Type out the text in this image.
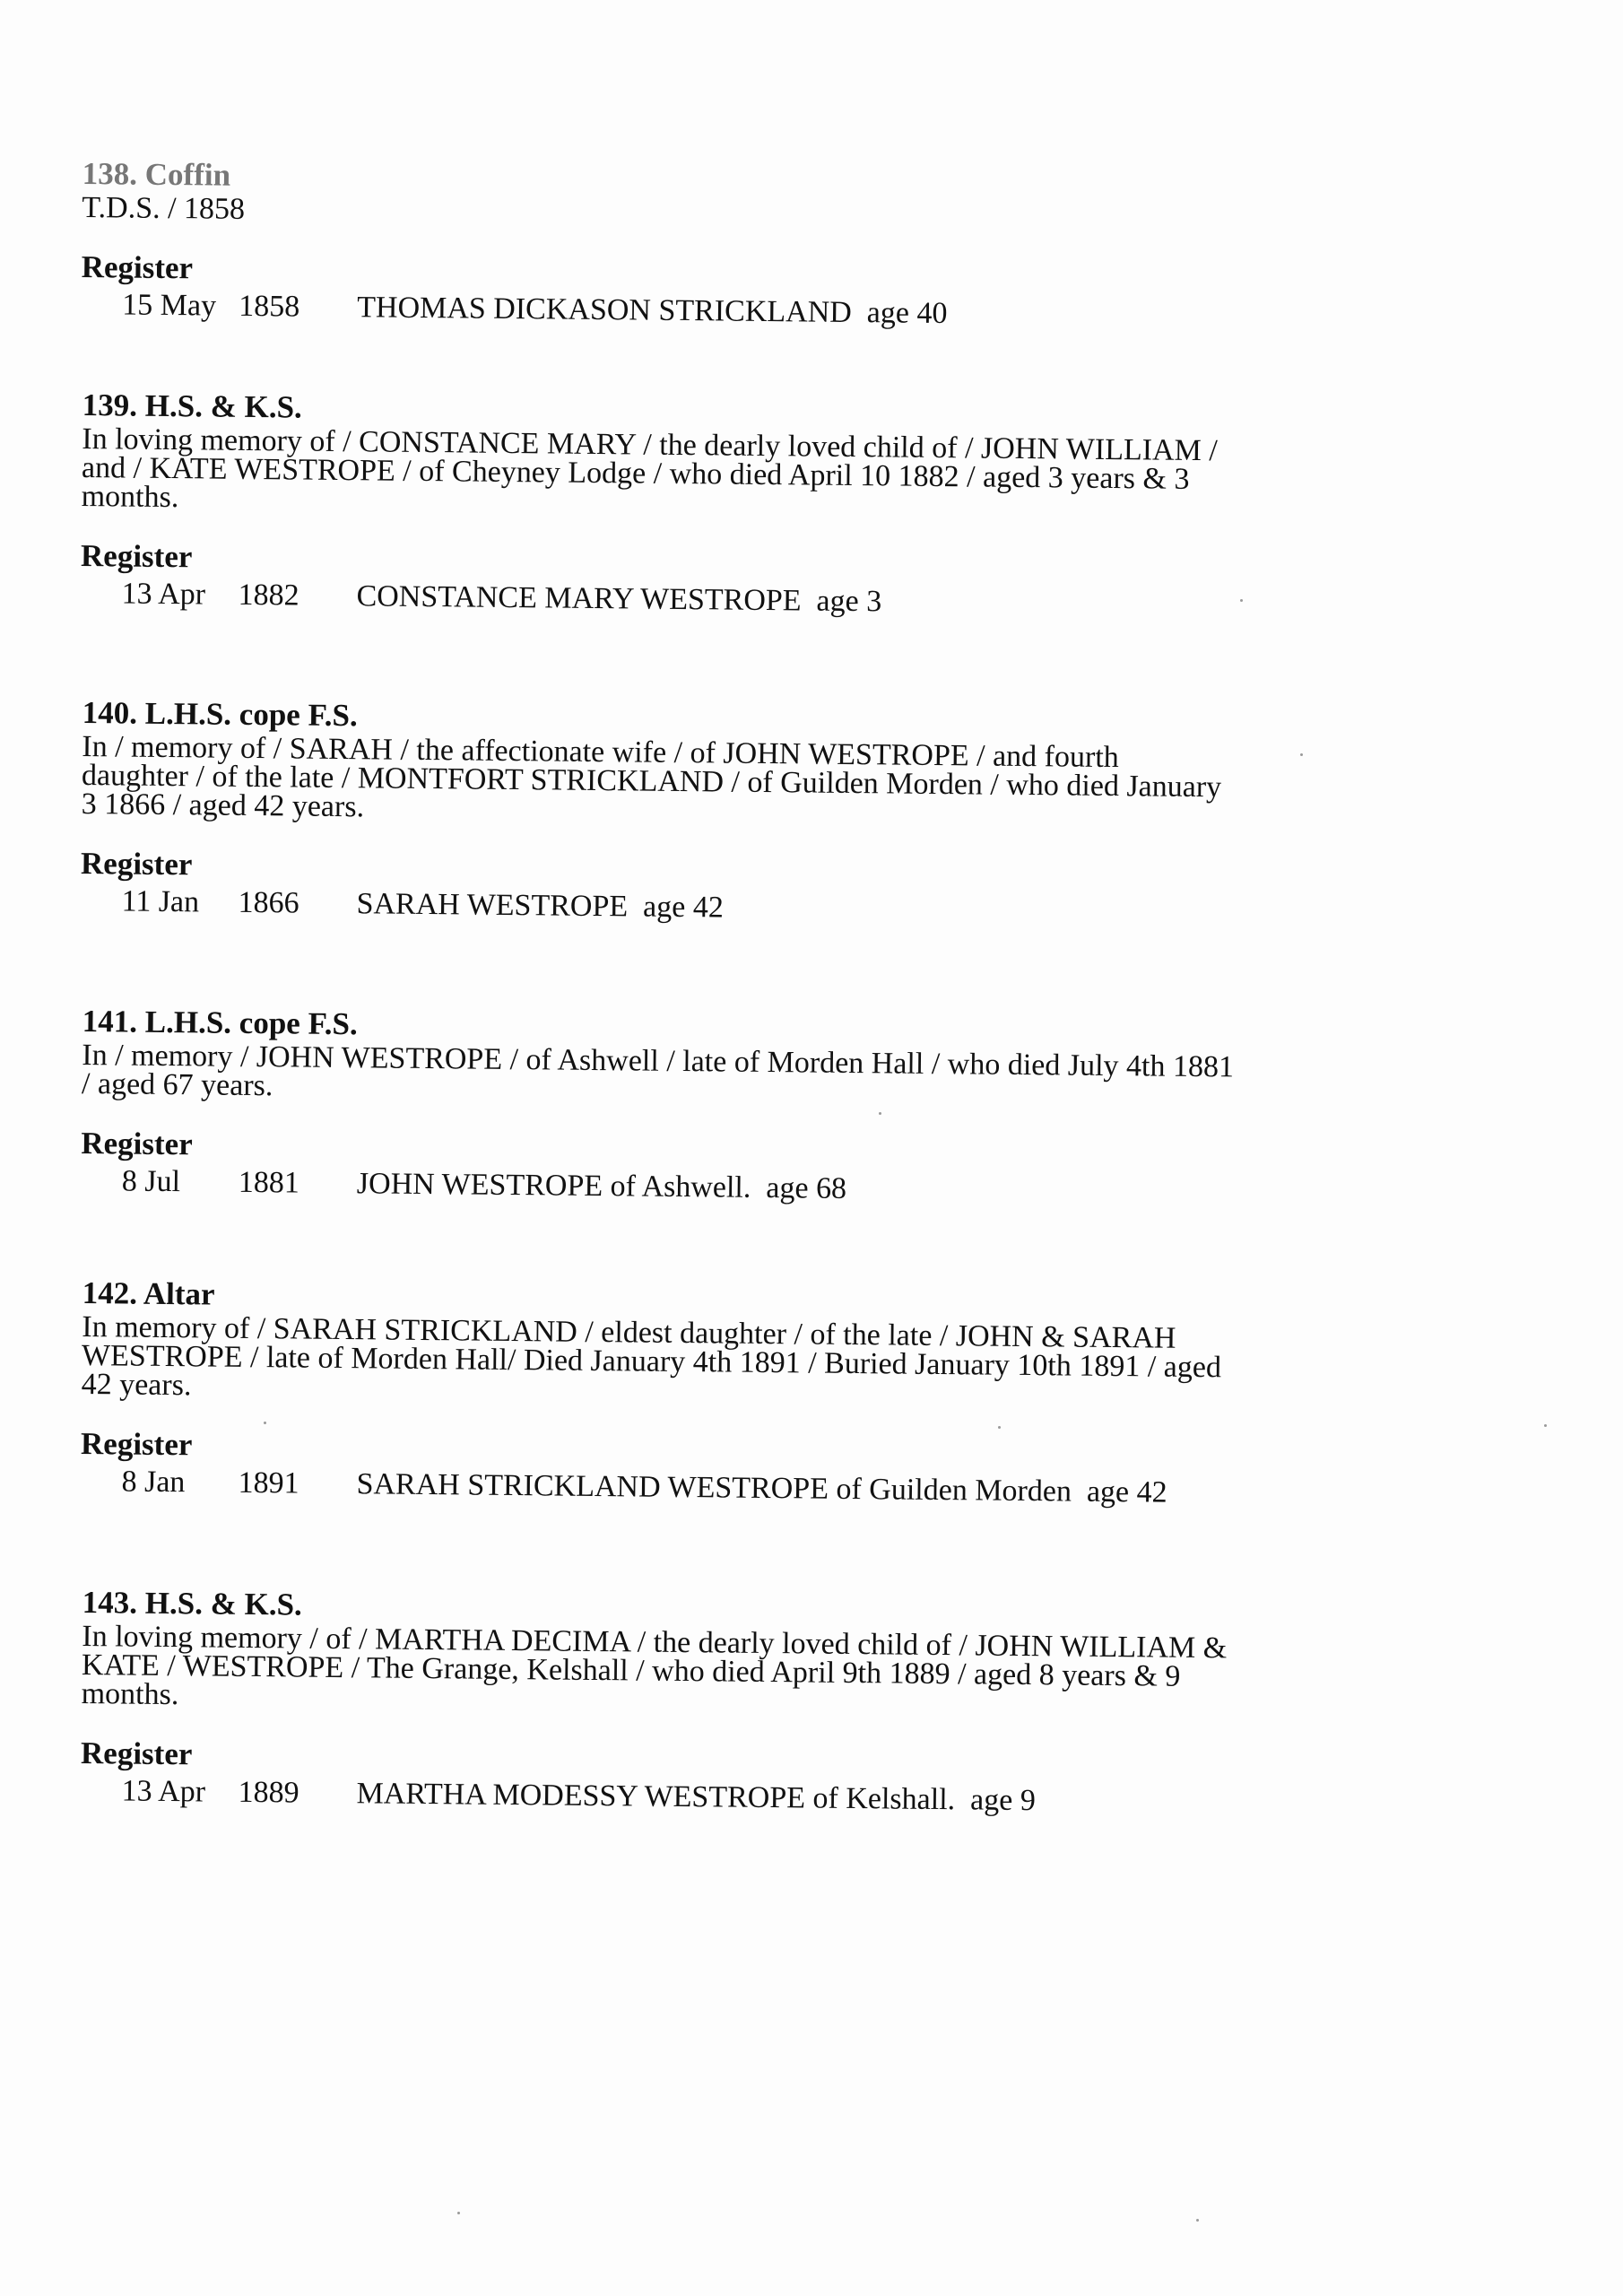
138. Coffin
T.D.S. / 1858
Register
15 May 1858 THOMAS DICKASON STRICKLAND age 40
139. H.S. & K.S.
In loving memory of / CONSTANCE MARY / the dearly loved child of / JOHN WILLIAM /
and / KATE WESTROPE / of Cheyney Lodge / who died April 10 1882 / aged 3 years & 3
months.
Register
13 Apr 1882 CONSTANCE MARY WESTROPE age 3
140. L.H.S. cope F.S.
In / memory of / SARAH / the affectionate wife / of JOHN WESTROPE / and fourth
daughter / of the late / MONTFORT STRICKLAND / of Guilden Morden / who died January
3 1866 / aged 42 years.
Register
11 Jan 1866 SARAH WESTROPE age 42
141. L.H.S. cope F.S.
In / memory / JOHN WESTROPE / of Ashwell / late of Morden Hall / who died July 4th 1881
/ aged 67 years.
Register
8 Jul 1881 JOHN WESTROPE of Ashwell. age 68
142. Altar
In memory of / SARAH STRICKLAND / eldest daughter / of the late / JOHN & SARAH
WESTROPE / late of Morden Hall/ Died January 4th 1891 / Buried January 10th 1891 / aged
42 years.
Register
8 Jan 1891 SARAH STRICKLAND WESTROPE of Guilden Morden age 42
143. H.S. & K.S.
In loving memory / of / MARTHA DECIMA / the dearly loved child of / JOHN WILLIAM &
KATE / WESTROPE / The Grange, Kelshall / who died April 9th 1889 / aged 8 years & 9
months.
Register
13 Apr 1889 MARTHA MODESSY WESTROPE of Kelshall. age 9
